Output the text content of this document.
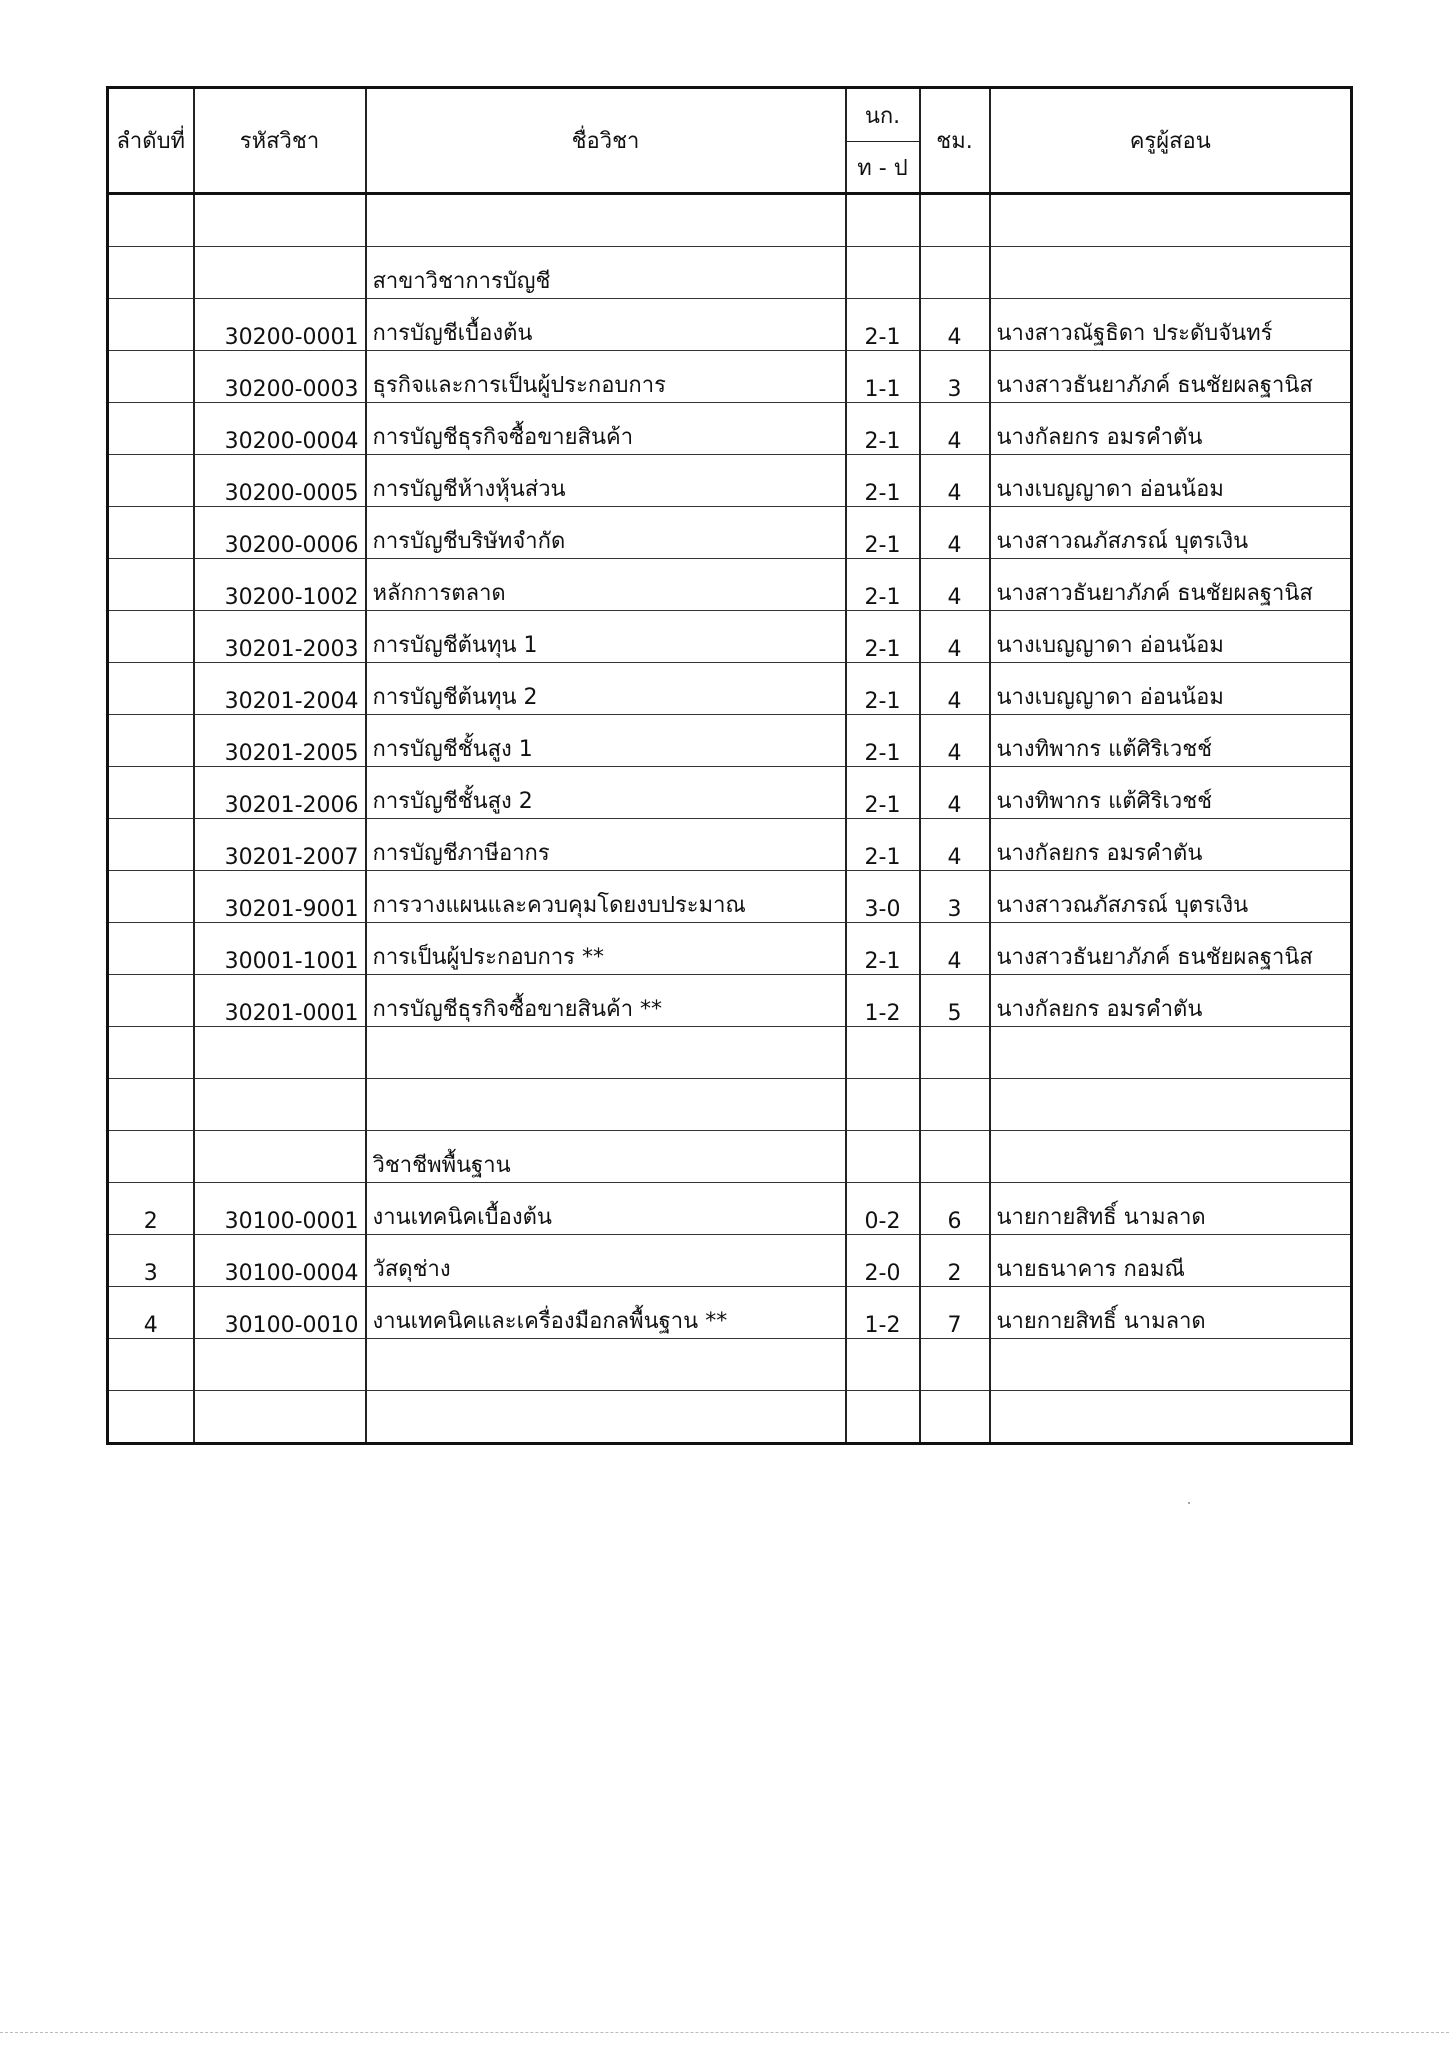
ลำดับที่	รหัสวิชา	ชื่อวิชา	นก.	ชม.	ครูผู้สอน
			ท - ป		

		สาขาวิชาการบัญชี			
	30200-0001	การบัญชีเบื้องต้น	2-1	4	นางสาวณัฐธิดา ประดับจันทร์
	30200-0003	ธุรกิจและการเป็นผู้ประกอบการ	1-1	3	นางสาวธันยาภัภค์ ธนชัยผลฐานิส
	30200-0004	การบัญชีธุรกิจซื้อขายสินค้า	2-1	4	นางกัลยกร อมรคำตัน
	30200-0005	การบัญชีห้างหุ้นส่วน	2-1	4	นางเบญญาดา อ่อนน้อม
	30200-0006	การบัญชีบริษัทจำกัด	2-1	4	นางสาวณภัสภรณ์ บุตรเงิน
	30200-1002	หลักการตลาด	2-1	4	นางสาวธันยาภัภค์ ธนชัยผลฐานิส
	30201-2003	การบัญชีต้นทุน 1	2-1	4	นางเบญญาดา อ่อนน้อม
	30201-2004	การบัญชีต้นทุน 2	2-1	4	นางเบญญาดา อ่อนน้อม
	30201-2005	การบัญชีชั้นสูง 1	2-1	4	นางทิพากร แต้ศิริเวชช์
	30201-2006	การบัญชีชั้นสูง 2	2-1	4	นางทิพากร แต้ศิริเวชช์
	30201-2007	การบัญชีภาษีอากร	2-1	4	นางกัลยกร อมรคำตัน
	30201-9001	การวางแผนและควบคุมโดยงบประมาณ	3-0	3	นางสาวณภัสภรณ์ บุตรเงิน
	30001-1001	การเป็นผู้ประกอบการ **	2-1	4	นางสาวธันยาภัภค์ ธนชัยผลฐานิส
	30201-0001	การบัญชีธุรกิจซื้อขายสินค้า **	1-2	5	นางกัลยกร อมรคำตัน

		วิชาชีพพื้นฐาน			
2	30100-0001	งานเทคนิคเบื้องต้น	0-2	6	นายกายสิทธิ์ นามลาด
3	30100-0004	วัสดุช่าง	2-0	2	นายธนาคาร กอมณี
4	30100-0010	งานเทคนิคและเครื่องมือกลพื้นฐาน **	1-2	7	นายกายสิทธิ์ นามลาด
